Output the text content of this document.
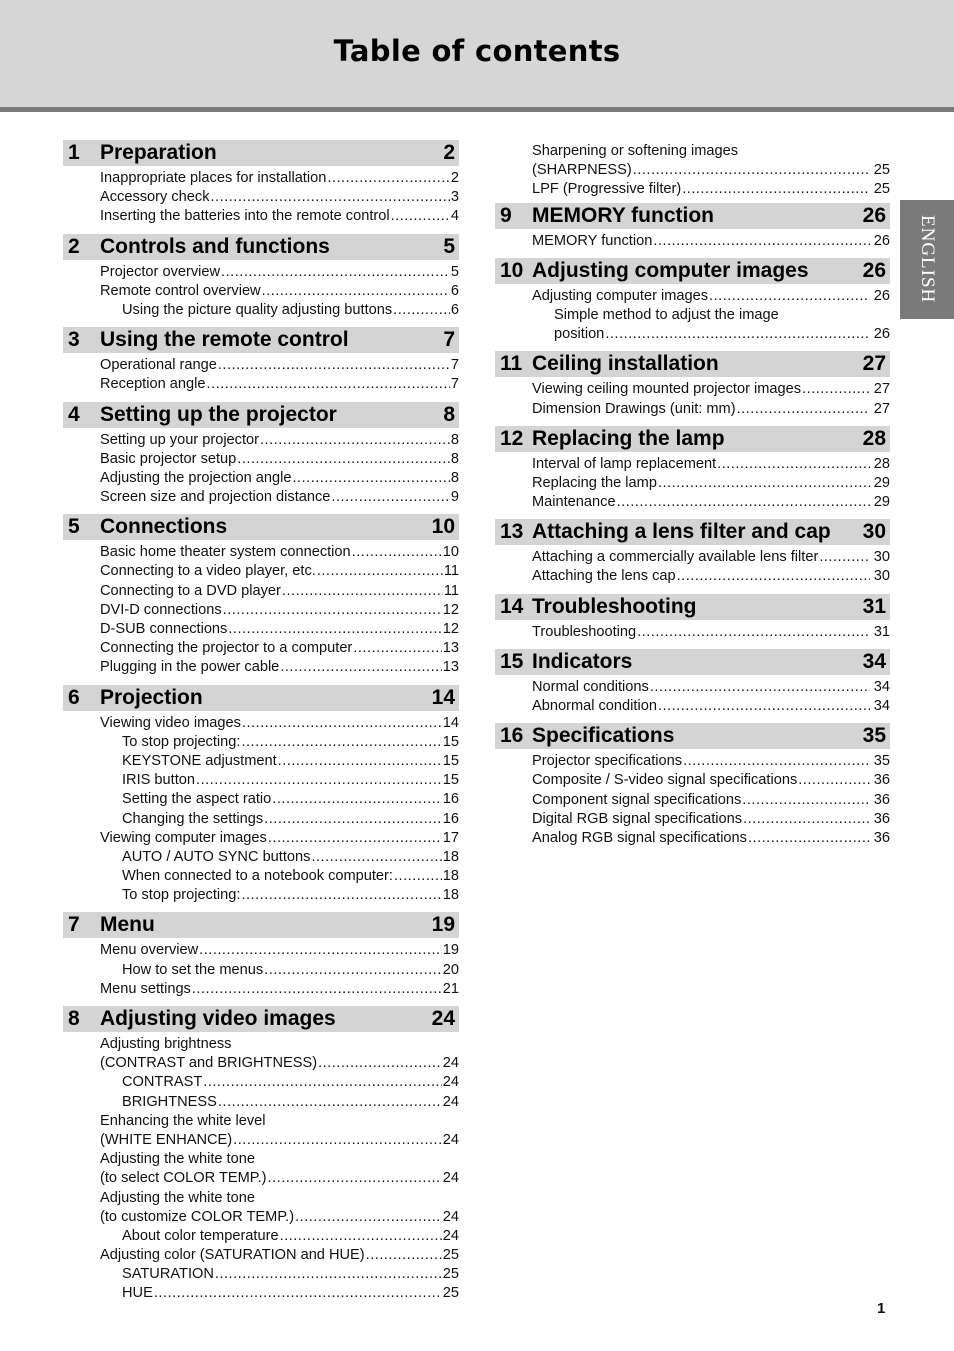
Table of contents
ENGLISH
1 Preparation	2
Inappropriate places for installation .....	2
Accessory check .....	3
Inserting the batteries into the remote control .....	4
2 Controls and functions	5
Projector overview .....	5
Remote control overview .....	6
Using the picture quality adjusting buttons .....	6
3 Using the remote control	7
Operational range .....	7
Reception angle .....	7
4 Setting up the projector	8
Setting up your projector .....	8
Basic projector setup .....	8
Adjusting the projection angle .....	8
Screen size and projection distance .....	9
5 Connections	10
Basic home theater system connection .....	10
Connecting to a video player, etc. .....	11
Connecting to a DVD player .....	11
DVI-D connections .....	12
D-SUB connections .....	12
Connecting the projector to a computer .....	13
Plugging in the power cable .....	13
6 Projection	14
Viewing video images .....	14
To stop projecting: .....	15
KEYSTONE adjustment .....	15
IRIS button .....	15
Setting the aspect ratio .....	16
Changing the settings .....	16
Viewing computer images .....	17
AUTO / AUTO SYNC buttons .....	18
When connected to a notebook computer: .....	18
To stop projecting: .....	18
7 Menu	19
Menu overview .....	19
How to set the menus .....	20
Menu settings .....	21
8 Adjusting video images	24
Adjusting brightness
(CONTRAST and BRIGHTNESS) .....	24
CONTRAST .....	24
BRIGHTNESS .....	24
Enhancing the white level
(WHITE ENHANCE) .....	24
Adjusting the white tone
(to select COLOR TEMP.) .....	24
Adjusting the white tone
(to customize COLOR TEMP.) .....	24
About color temperature .....	24
Adjusting color (SATURATION and HUE) .....	25
SATURATION .....	25
HUE .....	25
Sharpening or softening images
(SHARPNESS) .....	25
LPF (Progressive filter) .....	25
9 MEMORY function	26
MEMORY function .....	26
10 Adjusting computer images	26
Adjusting computer images .....	26
Simple method to adjust the image
position .....	26
11 Ceiling installation	27
Viewing ceiling mounted projector images .....	27
Dimension Drawings (unit: mm) .....	27
12 Replacing the lamp	28
Interval of lamp replacement .....	28
Replacing the lamp .....	29
Maintenance .....	29
13 Attaching a lens filter and cap 30
Attaching a commercially available lens filter .....	30
Attaching the lens cap .....	30
14 Troubleshooting	31
Troubleshooting .....	31
15 Indicators	34
Normal conditions .....	34
Abnormal condition .....	34
16 Specifications	35
Projector specifications .....	35
Composite / S-video signal specifications .....	36
Component signal specifications .....	36
Digital RGB signal specifications .....	36
Analog RGB signal specifications .....	36
1
